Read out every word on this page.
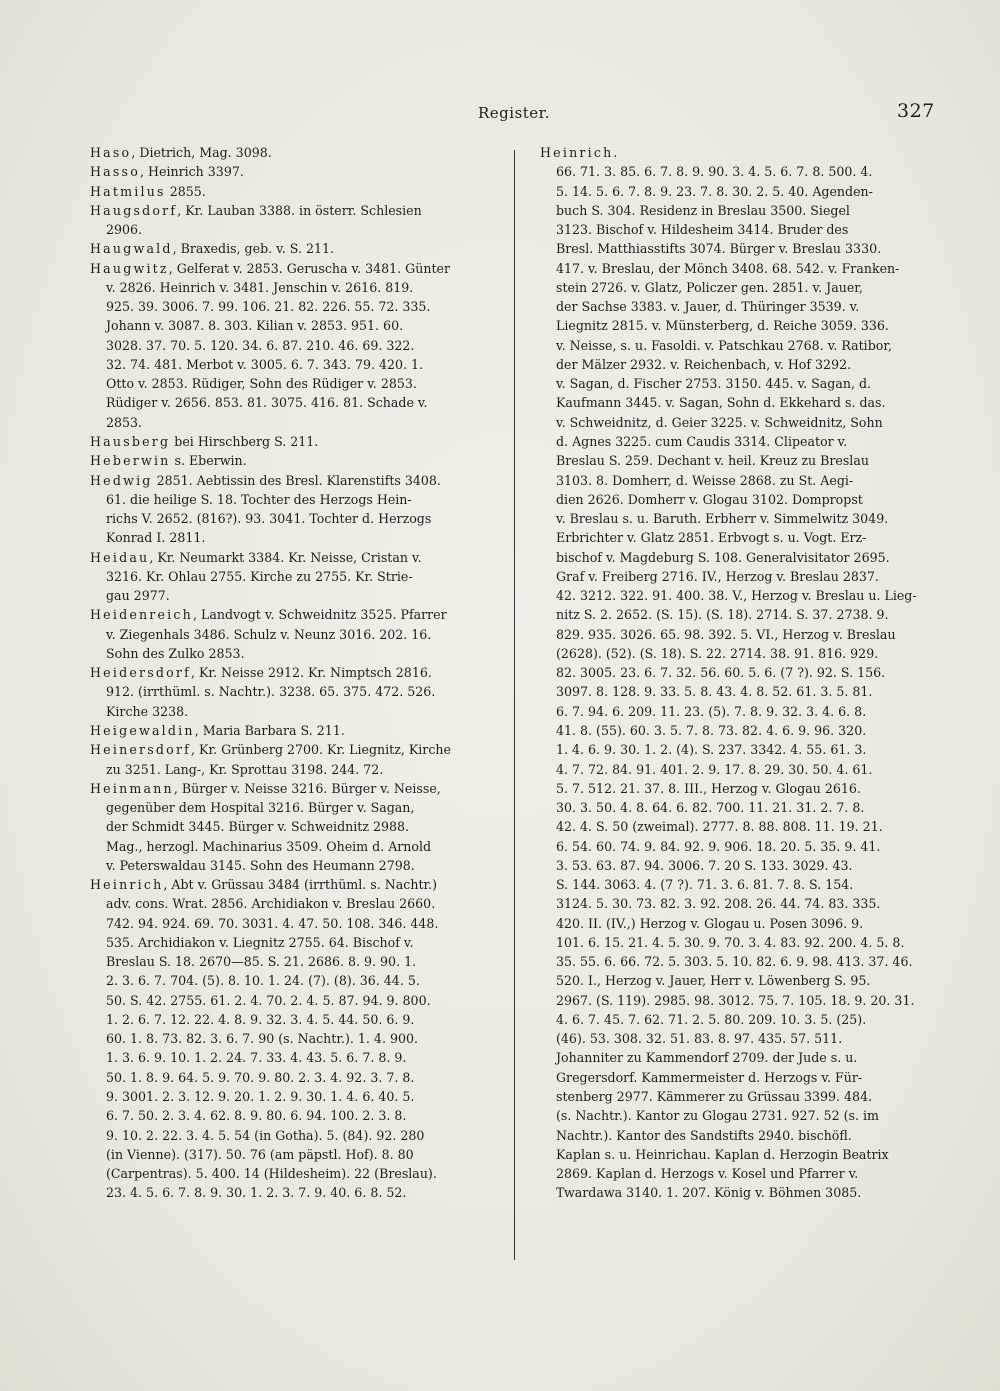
Register.	327
Haso, Dietrich, Mag. 3098.
Hasso, Heinrich 3397.
Hatmilus 2855.
Haugsdorf, Kr. Lauban 3388. in österr. Schlesien
2906.
Haugwald, Braxedis, geb. v. S. 211.
Haugwitz, Gelferat v. 2853. Geruscha v. 3481. Günter
v. 2826. Heinrich v. 3481. Jenschin v. 2616. 819.
925. 39. 3006. 7. 99. 106. 21. 82. 226. 55. 72. 335.
Johann v. 3087. 8. 303. Kilian v. 2853. 951. 60.
3028. 37. 70. 5. 120. 34. 6. 87. 210. 46. 69. 322.
32. 74. 481. Merbot v. 3005. 6. 7. 343. 79. 420. 1.
Otto v. 2853. Rüdiger, Sohn des Rüdiger v. 2853.
Rüdiger v. 2656. 853. 81. 3075. 416. 81. Schade v.
2853.
Hausberg bei Hirschberg S. 211.
Heberwin s. Eberwin.
Hedwig 2851. Aebtissin des Bresl. Klarenstifts 3408.
61. die heilige S. 18. Tochter des Herzogs Hein-
richs V. 2652. (816?). 93. 3041. Tochter d. Herzogs
Konrad I. 2811.
Heidau, Kr. Neumarkt 3384. Kr. Neisse, Cristan v.
3216. Kr. Ohlau 2755. Kirche zu 2755. Kr. Strie-
gau 2977.
Heidenreich, Landvogt v. Schweidnitz 3525. Pfarrer
v. Ziegenhals 3486. Schulz v. Neunz 3016. 202. 16.
Sohn des Zulko 2853.
Heidersdorf, Kr. Neisse 2912. Kr. Nimptsch 2816.
912. (irrthüml. s. Nachtr.). 3238. 65. 375. 472. 526.
Kirche 3238.
Heigewaldin, Maria Barbara S. 211.
Heinersdorf, Kr. Grünberg 2700. Kr. Liegnitz, Kirche
zu 3251. Lang-, Kr. Sprottau 3198. 244. 72.
Heinmann, Bürger v. Neisse 3216. Bürger v. Neisse,
gegenüber dem Hospital 3216. Bürger v. Sagan,
der Schmidt 3445. Bürger v. Schweidnitz 2988.
Mag., herzogl. Machinarius 3509. Oheim d. Arnold
v. Peterswaldau 3145. Sohn des Heumann 2798.
Heinrich, Abt v. Grüssau 3484 (irrthüml. s. Nachtr.)
adv. cons. Wrat. 2856. Archidiakon v. Breslau 2660.
742. 94. 924. 69. 70. 3031. 4. 47. 50. 108. 346. 448.
535. Archidiakon v. Liegnitz 2755. 64. Bischof v.
Breslau S. 18. 2670—85. S. 21. 2686. 8. 9. 90. 1.
2. 3. 6. 7. 704. (5). 8. 10. 1. 24. (7). (8). 36. 44. 5.
50. S. 42. 2755. 61. 2. 4. 70. 2. 4. 5. 87. 94. 9. 800.
1. 2. 6. 7. 12. 22. 4. 8. 9. 32. 3. 4. 5. 44. 50. 6. 9.
60. 1. 8. 73. 82. 3. 6. 7. 90 (s. Nachtr.). 1. 4. 900.
1. 3. 6. 9. 10. 1. 2. 24. 7. 33. 4. 43. 5. 6. 7. 8. 9.
50. 1. 8. 9. 64. 5. 9. 70. 9. 80. 2. 3. 4. 92. 3. 7. 8.
9. 3001. 2. 3. 12. 9. 20. 1. 2. 9. 30. 1. 4. 6. 40. 5.
6. 7. 50. 2. 3. 4. 62. 8. 9. 80. 6. 94. 100. 2. 3. 8.
9. 10. 2. 22. 3. 4. 5. 54 (in Gotha). 5. (84). 92. 280
(in Vienne). (317). 50. 76 (am päpstl. Hof). 8. 80
(Carpentras). 5. 400. 14 (Hildesheim). 22 (Breslau).
23. 4. 5. 6. 7. 8. 9. 30. 1. 2. 3. 7. 9. 40. 6. 8. 52.
Heinrich.
66. 71. 3. 85. 6. 7. 8. 9. 90. 3. 4. 5. 6. 7. 8. 500. 4.
5. 14. 5. 6. 7. 8. 9. 23. 7. 8. 30. 2. 5. 40. Agenden-
buch S. 304. Residenz in Breslau 3500. Siegel
3123. Bischof v. Hildesheim 3414. Bruder des
Bresl. Matthiasstifts 3074. Bürger v. Breslau 3330.
417. v. Breslau, der Mönch 3408. 68. 542. v. Franken-
stein 2726. v. Glatz, Policzer gen. 2851. v. Jauer,
der Sachse 3383. v. Jauer, d. Thüringer 3539. v.
Liegnitz 2815. v. Münsterberg, d. Reiche 3059. 336.
v. Neisse, s. u. Fasoldi. v. Patschkau 2768. v. Ratibor,
der Mälzer 2932. v. Reichenbach, v. Hof 3292.
v. Sagan, d. Fischer 2753. 3150. 445. v. Sagan, d.
Kaufmann 3445. v. Sagan, Sohn d. Ekkehard s. das.
v. Schweidnitz, d. Geier 3225. v. Schweidnitz, Sohn
d. Agnes 3225. cum Caudis 3314. Clipeator v.
Breslau S. 259. Dechant v. heil. Kreuz zu Breslau
3103. 8. Domherr, d. Weisse 2868. zu St. Aegi-
dien 2626. Domherr v. Glogau 3102. Dompropst
v. Breslau s. u. Baruth. Erbherr v. Simmelwitz 3049.
Erbrichter v. Glatz 2851. Erbvogt s. u. Vogt. Erz-
bischof v. Magdeburg S. 108. Generalvisitator 2695.
Graf v. Freiberg 2716. IV., Herzog v. Breslau 2837.
42. 3212. 322. 91. 400. 38. V., Herzog v. Breslau u. Lieg-
nitz S. 2. 2652. (S. 15). (S. 18). 2714. S. 37. 2738. 9.
829. 935. 3026. 65. 98. 392. 5. VI., Herzog v. Breslau
(2628). (52). (S. 18). S. 22. 2714. 38. 91. 816. 929.
82. 3005. 23. 6. 7. 32. 56. 60. 5. 6. (7 ?). 92. S. 156.
3097. 8. 128. 9. 33. 5. 8. 43. 4. 8. 52. 61. 3. 5. 81.
6. 7. 94. 6. 209. 11. 23. (5). 7. 8. 9. 32. 3. 4. 6. 8.
41. 8. (55). 60. 3. 5. 7. 8. 73. 82. 4. 6. 9. 96. 320.
1. 4. 6. 9. 30. 1. 2. (4). S. 237. 3342. 4. 55. 61. 3.
4. 7. 72. 84. 91. 401. 2. 9. 17. 8. 29. 30. 50. 4. 61.
5. 7. 512. 21. 37. 8. III., Herzog v. Glogau 2616.
30. 3. 50. 4. 8. 64. 6. 82. 700. 11. 21. 31. 2. 7. 8.
42. 4. S. 50 (zweimal). 2777. 8. 88. 808. 11. 19. 21.
6. 54. 60. 74. 9. 84. 92. 9. 906. 18. 20. 5. 35. 9. 41.
3. 53. 63. 87. 94. 3006. 7. 20 S. 133. 3029. 43.
S. 144. 3063. 4. (7 ?). 71. 3. 6. 81. 7. 8. S. 154.
3124. 5. 30. 73. 82. 3. 92. 208. 26. 44. 74. 83. 335.
420. II. (IV.,) Herzog v. Glogau u. Posen 3096. 9.
101. 6. 15. 21. 4. 5. 30. 9. 70. 3. 4. 83. 92. 200. 4. 5. 8.
35. 55. 6. 66. 72. 5. 303. 5. 10. 82. 6. 9. 98. 413. 37. 46.
520. I., Herzog v. Jauer, Herr v. Löwenberg S. 95.
2967. (S. 119). 2985. 98. 3012. 75. 7. 105. 18. 9. 20. 31.
4. 6. 7. 45. 7. 62. 71. 2. 5. 80. 209. 10. 3. 5. (25).
(46). 53. 308. 32. 51. 83. 8. 97. 435. 57. 511.
Johanniter zu Kammendorf 2709. der Jude s. u.
Gregersdorf. Kammermeister d. Herzogs v. Für-
stenberg 2977. Kämmerer zu Grüssau 3399. 484.
(s. Nachtr.). Kantor zu Glogau 2731. 927. 52 (s. im
Nachtr.). Kantor des Sandstifts 2940. bischöfl.
Kaplan s. u. Heinrichau. Kaplan d. Herzogin Beatrix
2869. Kaplan d. Herzogs v. Kosel und Pfarrer v.
Twardawa 3140. 1. 207. König v. Böhmen 3085.
